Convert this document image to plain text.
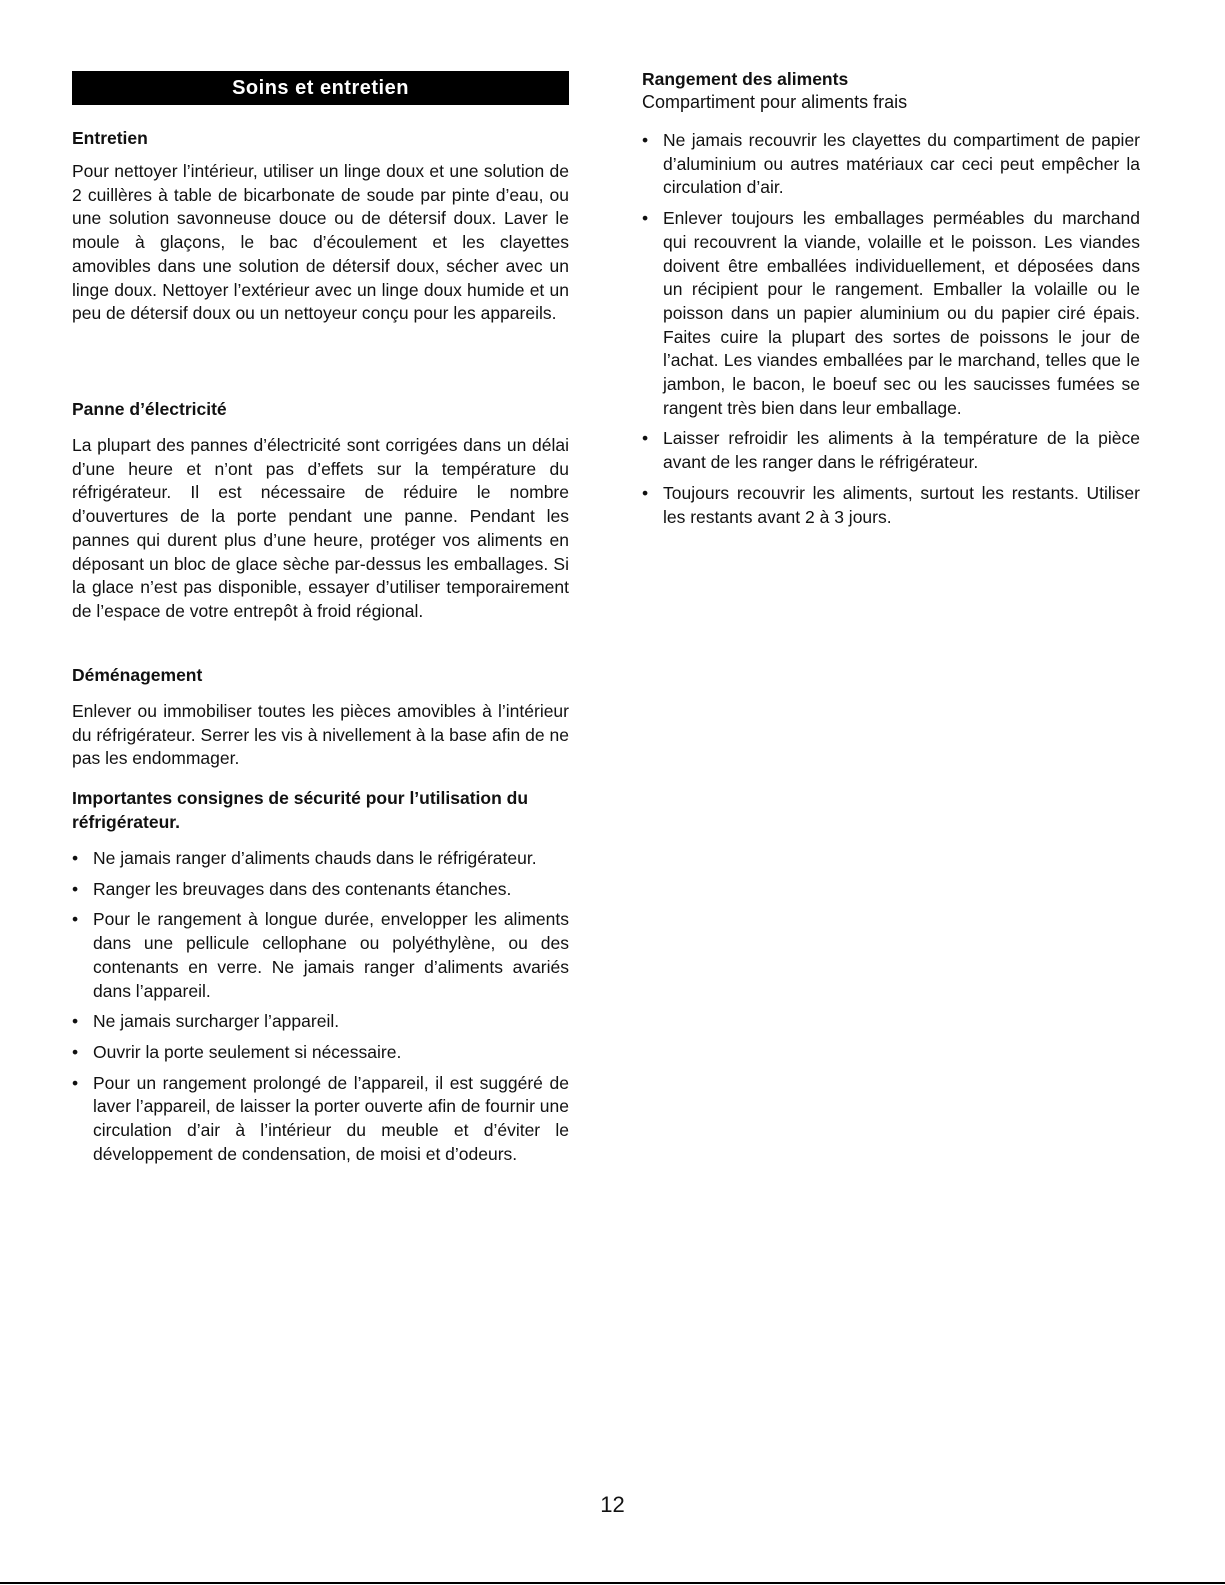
Soins et entretien
Entretien

Pour nettoyer l’intérieur, utiliser un linge doux et une solution de 2 cuillères à table de bicarbonate de soude par pinte d’eau, ou une solution savonneuse douce ou de détersif doux. Laver le moule à glaçons, le bac d’écoulement et les clayettes amovibles dans une solution de détersif doux, sécher avec un linge doux. Nettoyer l’extérieur avec un linge doux humide et un peu de détersif doux ou un nettoyeur conçu pour les appareils.

Panne d’électricité

La plupart des pannes d’électricité sont corrigées dans un délai d’une heure et n’ont pas d’effets sur la température du réfrigérateur. Il est nécessaire de réduire le nombre d’ouvertures de la porte pendant une panne. Pendant les pannes qui durent plus d’une heure, protéger vos aliments en déposant un bloc de glace sèche par-dessus les emballages. Si la glace n’est pas disponible, essayer d’utiliser temporairement de l’espace de votre entrepôt à froid régional.

Déménagement

Enlever ou immobiliser toutes les pièces amovibles à l’intérieur du réfrigérateur. Serrer les vis à nivellement à la base afin de ne pas les endommager.

Importantes consignes de sécurité pour l’utilisation du réfrigérateur.
• Ne jamais ranger d’aliments chauds dans le réfrigérateur.
• Ranger les breuvages dans des contenants étanches.
• Pour le rangement à longue durée, envelopper les aliments dans une pellicule cellophane ou polyéthylène, ou des contenants en verre. Ne jamais ranger d’aliments avariés dans l’appareil.
• Ne jamais surcharger l’appareil.
• Ouvrir la porte seulement si nécessaire.
• Pour un rangement prolongé de l’appareil, il est suggéré de laver l’appareil, de laisser la porter ouverte afin de fournir une circulation d’air à l’intérieur du meuble et d’éviter le développement de condensation, de moisi et d’odeurs.
Rangement des aliments
Compartiment pour aliments frais
• Ne jamais recouvrir les clayettes du compartiment de papier d’aluminium ou autres matériaux car ceci peut empêcher la circulation d’air.
• Enlever toujours les emballages perméables du marchand qui recouvrent la viande, volaille et le poisson. Les viandes doivent être emballées individuellement, et déposées dans un récipient pour le rangement. Emballer la volaille ou le poisson dans un papier aluminium ou du papier ciré épais. Faites cuire la plupart des sortes de poissons le jour de l’achat. Les viandes emballées par le marchand, telles que le jambon, le bacon, le boeuf sec ou les saucisses fumées se rangent très bien dans leur emballage.
• Laisser refroidir les aliments à la température de la pièce avant de les ranger dans le réfrigérateur.
• Toujours recouvrir les aliments, surtout les restants. Utiliser les restants avant 2 à 3 jours.
12
